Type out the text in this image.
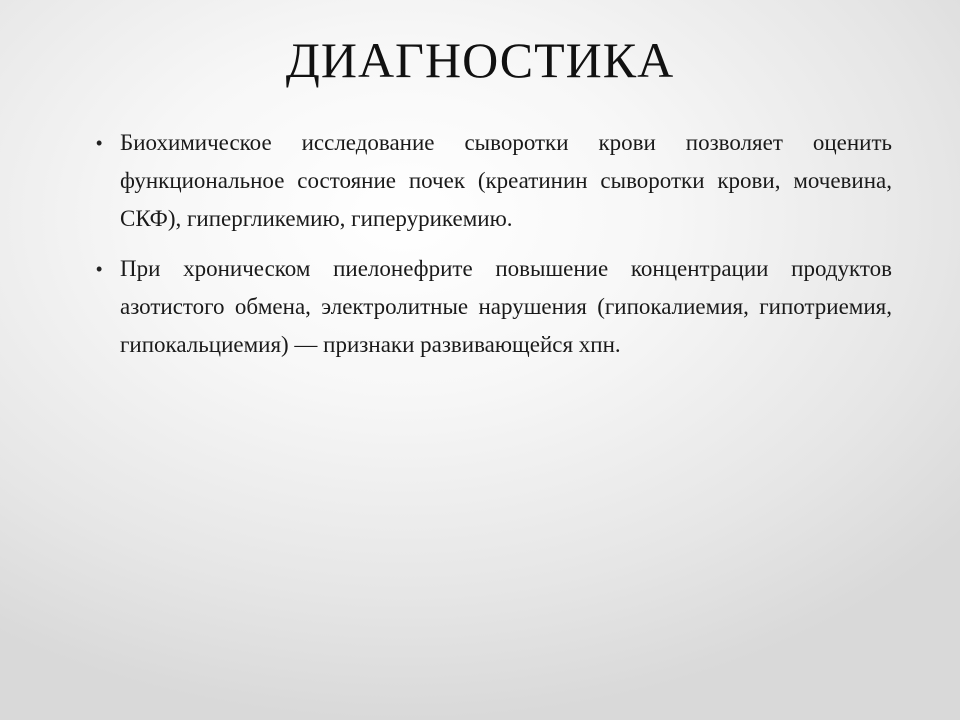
ДИАГНОСТИКА
• Биохимическое исследование сыворотки крови позволяет оценить функциональное состояние почек (креатинин сыворотки крови, мочевина, СКФ), гипергликемию, гиперурикемию.
• При хроническом пиелонефрите повышение концентрации продуктов азотистого обмена, электролитные нарушения (гипокалиемия, гипотриемия, гипокальциемия) — признаки развивающейся хпн.
